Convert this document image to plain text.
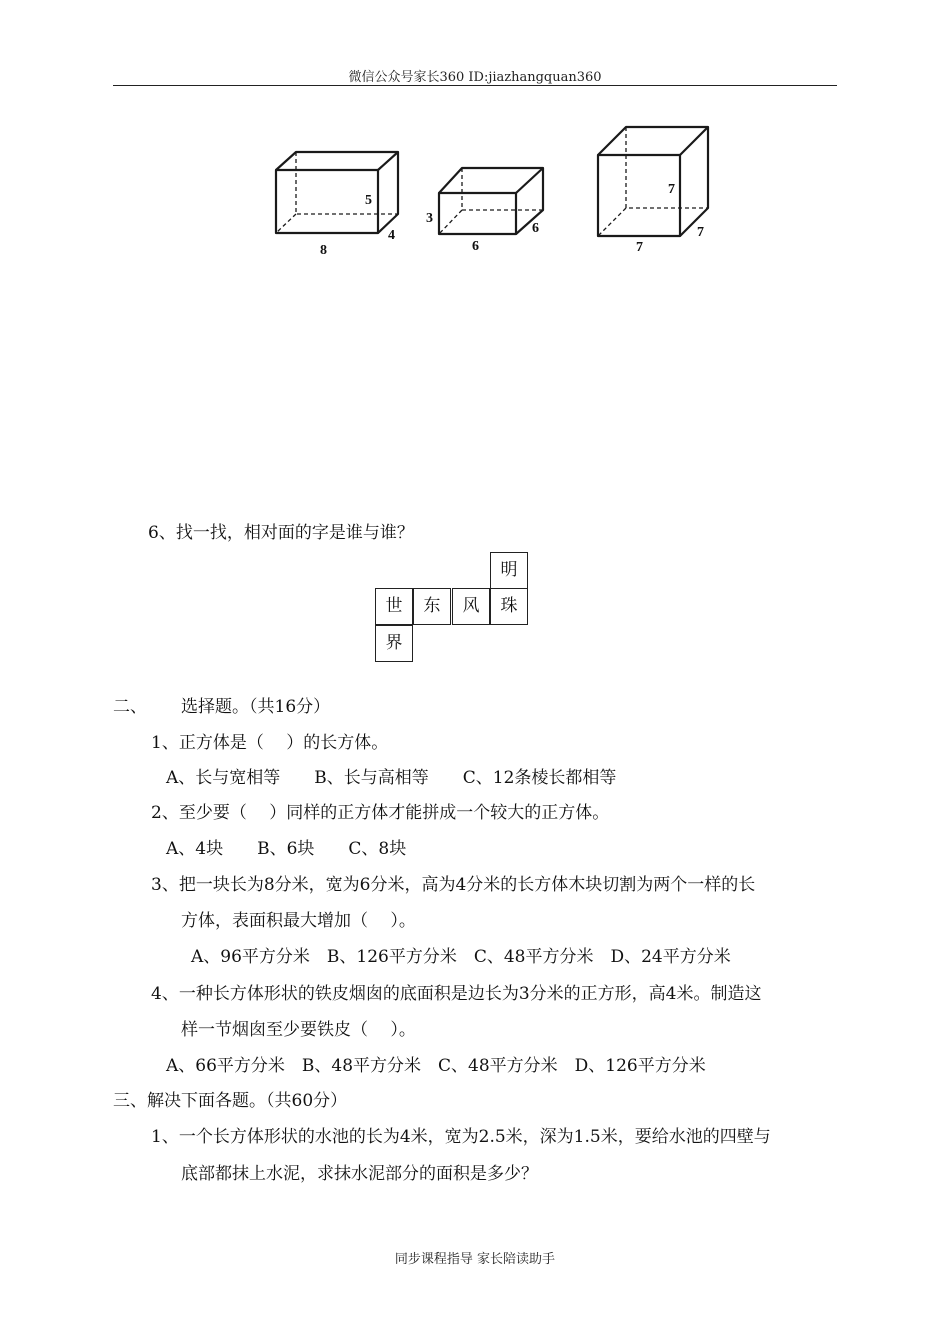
微信公众号家长360 ID:jiazhangquan360
5
8
4
3
6
6
7
7
7
6、找一找，相对面的字是谁与谁？
明
世	东	风	珠
界
二、 选择题。（共16分）
1、正方体是（　 ）的长方体。
A、长与宽相等　　B、长与高相等　　C、12条棱长都相等
2、至少要（　 ）同样的正方体才能拼成一个较大的正方体。
A、4块　　B、6块　　C、8块
3、把一块长为8分米，宽为6分米，高为4分米的长方体木块切割为两个一样的长
方体，表面积最大增加（　 ）。
A、96平方分米　B、126平方分米　C、48平方分米　D、24平方分米
4、一种长方体形状的铁皮烟囱的底面积是边长为3分米的正方形，高4米。制造这
样一节烟囱至少要铁皮（　 ）。
A、66平方分米　B、48平方分米　C、48平方分米　D、126平方分米
三、解决下面各题。（共60分）
1、一个长方体形状的水池的长为4米，宽为2.5米，深为1.5米，要给水池的四壁与
底部都抹上水泥，求抹水泥部分的面积是多少？
同步课程指导 家长陪读助手
